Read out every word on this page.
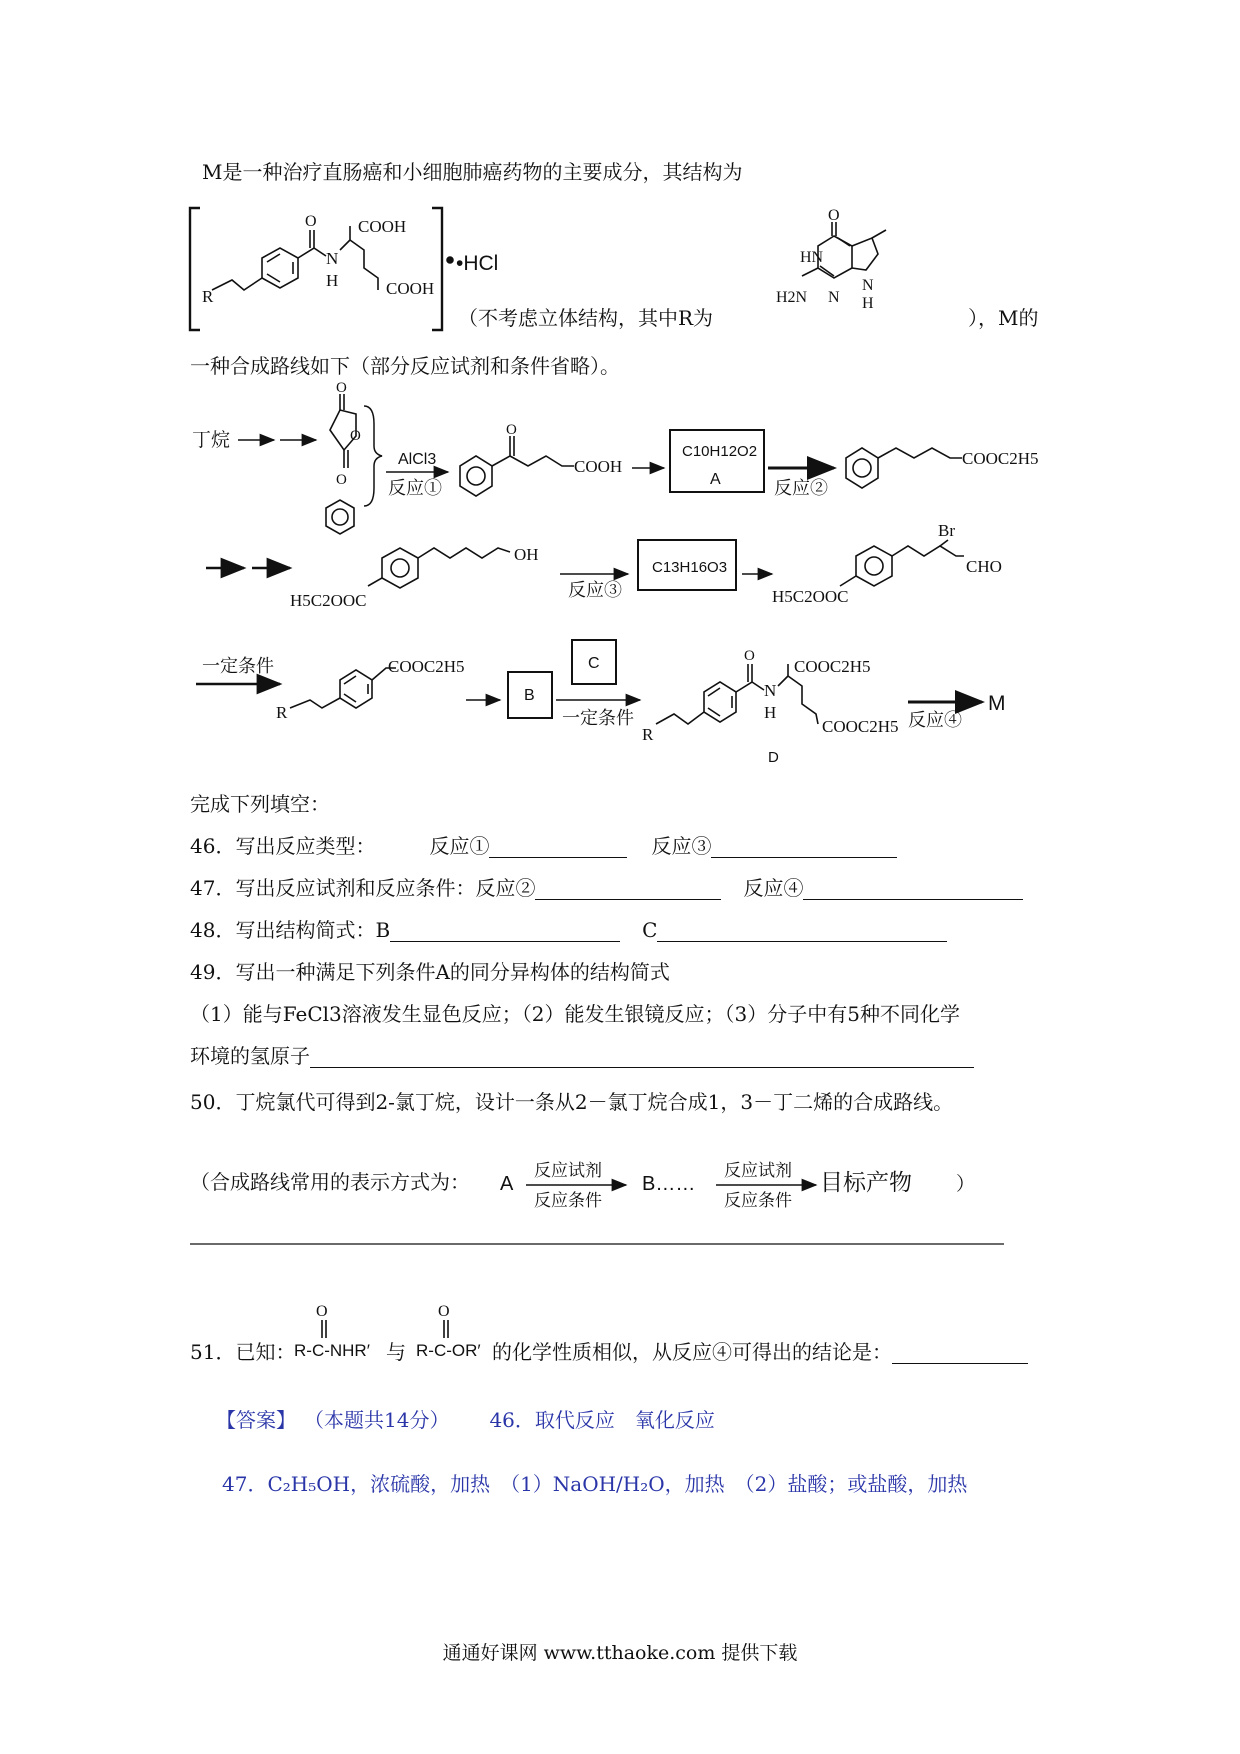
M是一种治疗直肠癌和小细胞肺癌药物的主要成分，其结构为
（不考虑立体结构，其中R为	），M的
一种合成路线如下（部分反应试剂和条件省略）。
O COOH
N
H	COOH
R
•HCl
O
HN
H2N N
N
H
丁烷
O
O
O
AlCl3
反应①
O
COOH
C10H12O2
A	反应②
COOC2H5
H5C2OOC
OH
反应③
C13H16O3
H5C2OOC
Br
CHO
一定条件
R
COOC2H5
B
C
一定条件
R
O
COOC2H5
N
H
COOC2H5
D
反应④
M
A
反应试剂
反应条件
B……
反应试剂
反应条件
目标产物 ）
O	O
R-C-NHR′	R-C-OR′
完成下列填空：
46．写出反应类型：	反应①	反应③
47．写出反应试剂和反应条件：反应②	反应④
48．写出结构简式：B	C
49．写出一种满足下列条件A的同分异构体的结构简式
（1）能与FeCl3溶液发生显色反应；（2）能发生银镜反应；（3）分子中有5种不同化学
环境的氢原子
50．丁烷氯代可得到2-氯丁烷，设计一条从2－氯丁烷合成1，3－丁二烯的合成路线。
（合成路线常用的表示方式为：
51．已知：	与	的化学性质相似，从反应④可得出的结论是：
【答案】 （本题共14分） 46．取代反应　氧化反应
47．C₂H₅OH，浓硫酸，加热　（1）NaOH/H₂O，加热　（2）盐酸；或盐酸，加热
通通好课网 www.tthaoke.com 提供下载
